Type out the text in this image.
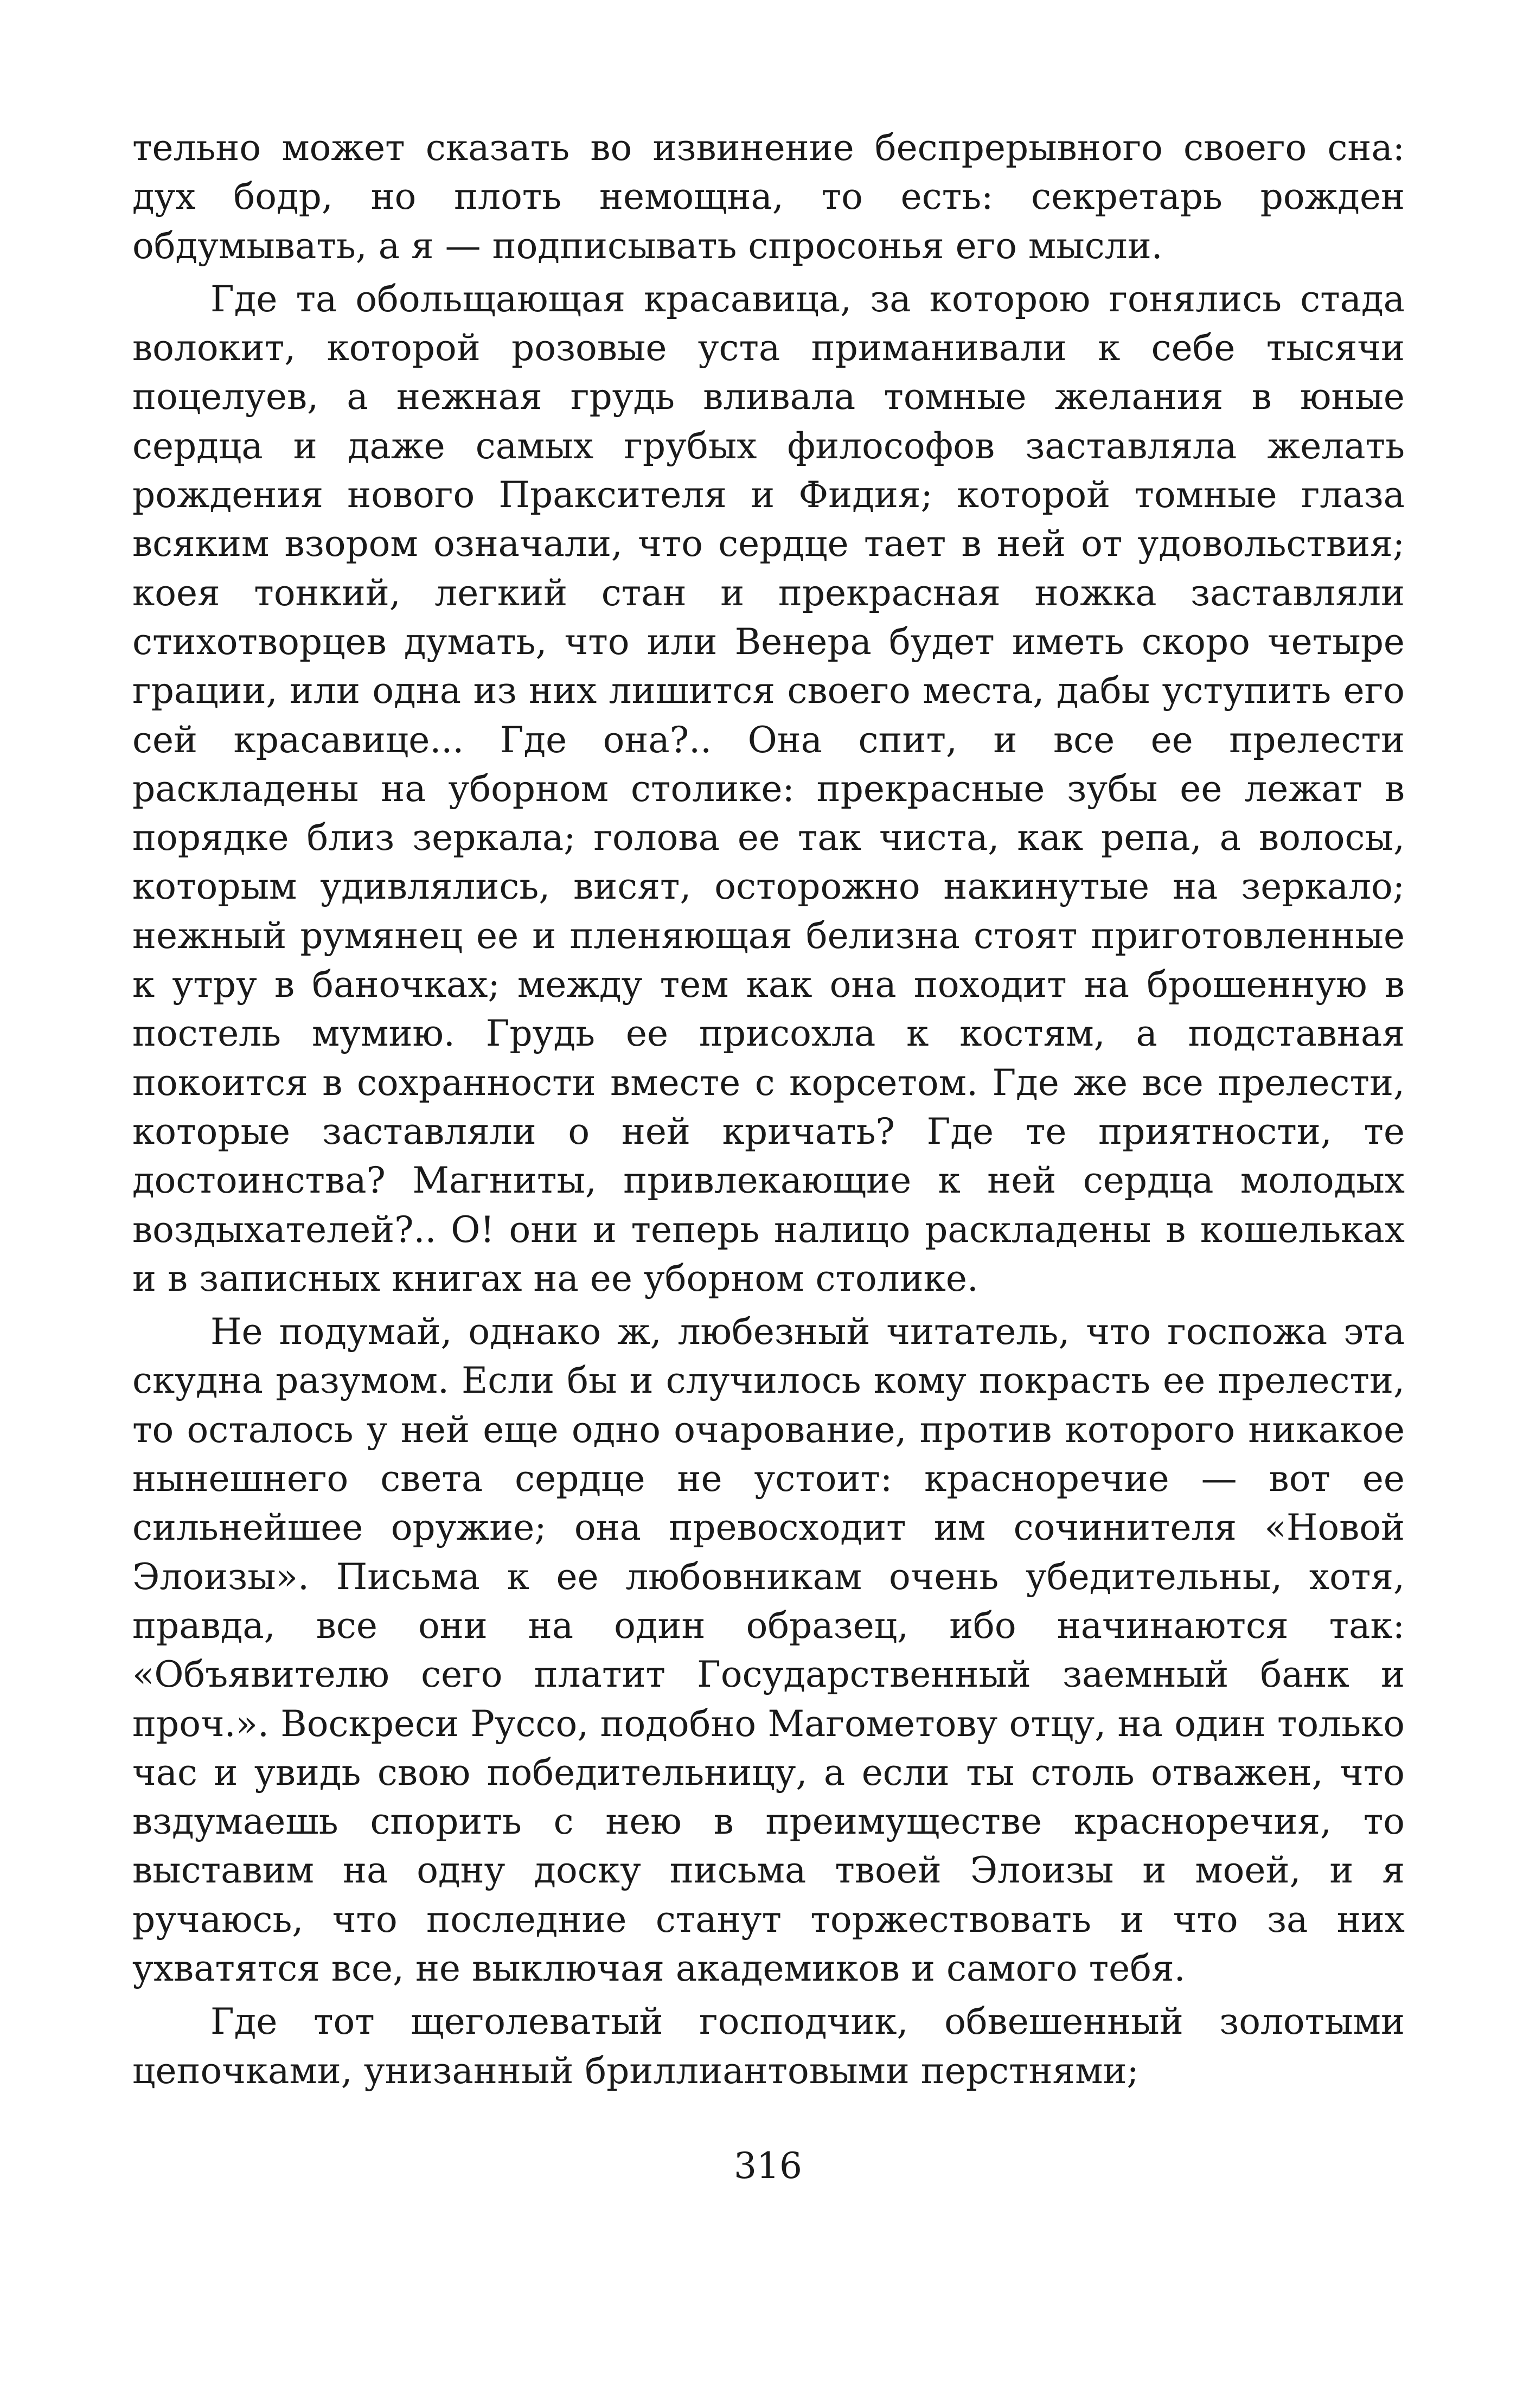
тельно может сказать во извинение беспрерывного своего сна: дух бодр, но плоть немощна, то есть: секретарь рожден обдумывать, а я — подписывать спросонья его мысли.

Где та обольщающая красавица, за которою гонялись стада волокит, которой розовые уста приманивали к себе тысячи поцелуев, а нежная грудь вливала томные желания в юные сердца и даже самых грубых философов заставляла желать рождения нового Праксителя и Фидия; которой томные глаза всяким взором означали, что сердце тает в ней от удовольствия; коея тонкий, легкий стан и прекрасная ножка заставляли стихотворцев думать, что или Венера будет иметь скоро четыре грации, или одна из них лишится своего места, дабы уступить его сей красавице... Где она?.. Она спит, и все ее прелести раскладены на уборном столике: прекрасные зубы ее лежат в порядке близ зеркала; голова ее так чиста, как репа, а волосы, которым удивлялись, висят, осторожно накинутые на зеркало; нежный румянец ее и пленяющая белизна стоят приготовленные к утру в баночках; между тем как она походит на брошенную в постель мумию. Грудь ее присохла к костям, а подставная покоится в сохранности вместе с корсетом. Где же все прелести, которые заставляли о ней кричать? Где те приятности, те достоинства? Магниты, привлекающие к ней сердца молодых воздыхателей?.. О! они и теперь налицо раскладены в кошельках и в записных книгах на ее уборном столике.

Не подумай, однако ж, любезный читатель, что госпожа эта скудна разумом. Если бы и случилось кому покрасть ее прелести, то осталось у ней еще одно очарование, против которого никакое нынешнего света сердце не устоит: красноречие — вот ее сильнейшее оружие; она превосходит им сочинителя «Новой Элоизы». Письма к ее любовникам очень убедительны, хотя, правда, все они на один образец, ибо начинаются так: «Объявителю сего платит Государственный заемный банк и проч.». Воскреси Руссо, подобно Магометову отцу, на один только час и увидь свою победительницу, а если ты столь отважен, что вздумаешь спорить с нею в преимуществе красноречия, то выставим на одну доску письма твоей Элоизы и моей, и я ручаюсь, что последние станут торжествовать и что за них ухватятся все, не выключая академиков и самого тебя.

Где тот щеголеватый господчик, обвешенный золотыми цепочками, унизанный бриллиантовыми перстнями;

316
